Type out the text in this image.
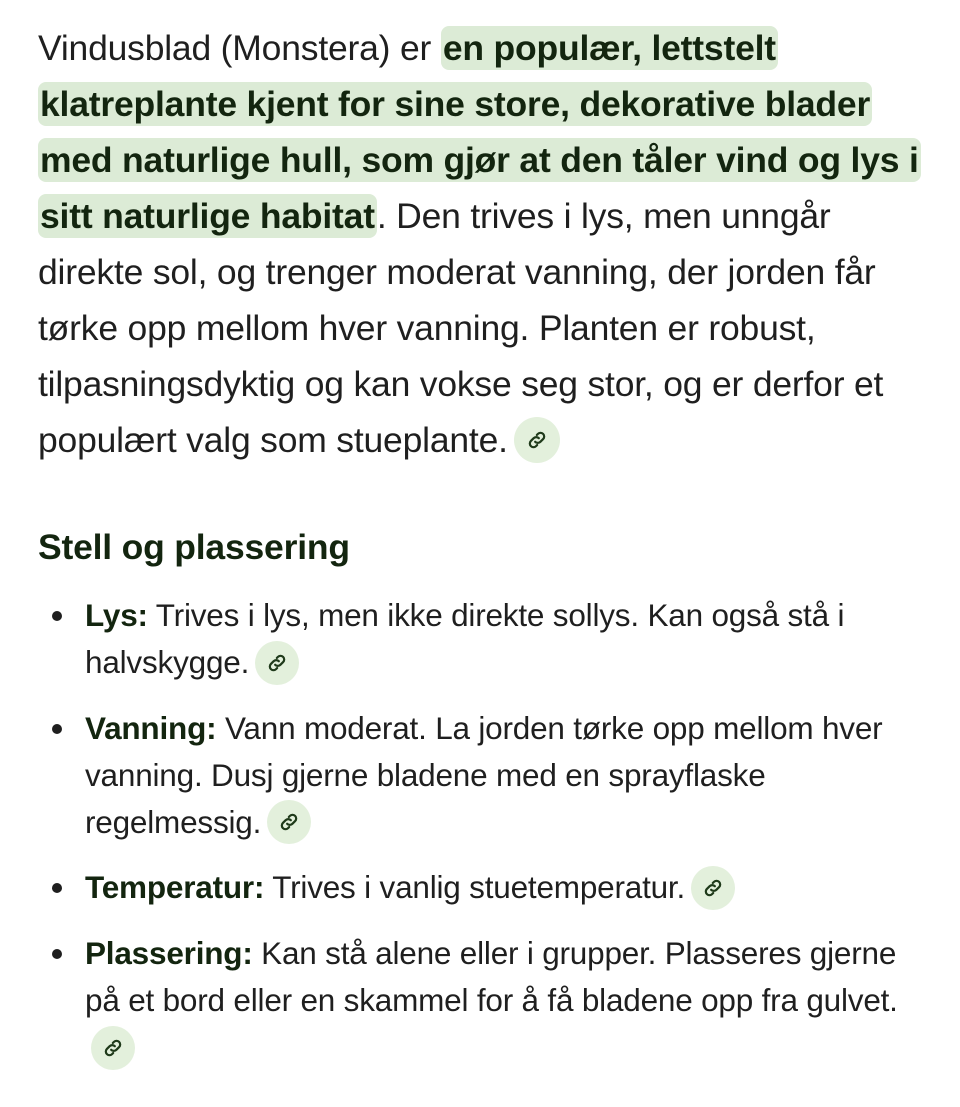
Vindusblad (Monstera) er en populær, lettstelt klatreplante kjent for sine store, dekorative blader med naturlige hull, som gjør at den tåler vind og lys i sitt naturlige habitat. Den trives i lys, men unngår direkte sol, og trenger moderat vanning, der jorden får tørke opp mellom hver vanning. Planten er robust, tilpasningsdyktig og kan vokse seg stor, og er derfor et populært valg som stueplante.

Stell og plassering
Lys: Trives i lys, men ikke direkte sollys. Kan også stå i halvskygge.
Vanning: Vann moderat. La jorden tørke opp mellom hver vanning. Dusj gjerne bladene med en sprayflaske regelmessig.
Temperatur: Trives i vanlig stuetemperatur.
Plassering: Kan stå alene eller i grupper. Plasseres gjerne på et bord eller en skammel for å få bladene opp fra gulvet.
